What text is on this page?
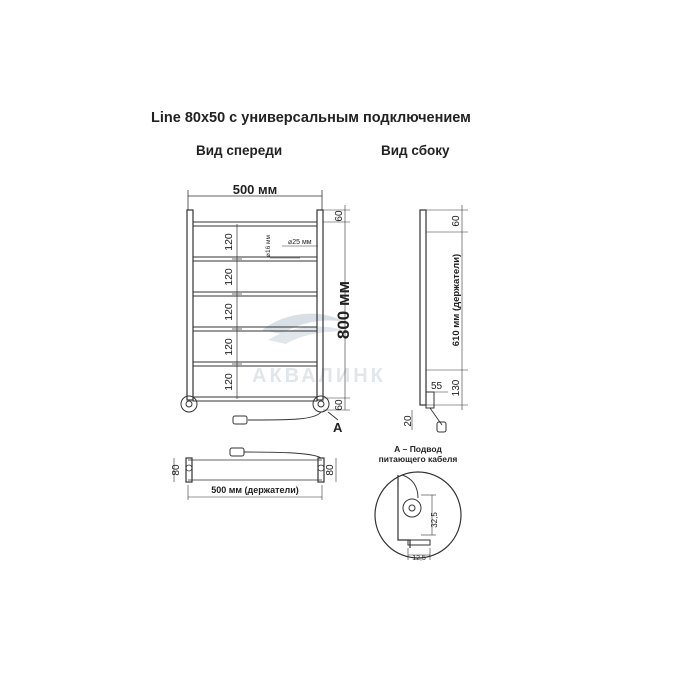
Line 80x50 с универсальным подключением
Вид спереди	Вид сбоку
АКВАЛИНК
500 мм
120
120
120
120
120
⌀16 мм ⌀25 мм
60
60
800 мм
A
60
610 мм (держатели)
130
55
20
80	80
500 мм (держатели)
А – Подвод
питающего кабеля
32,5
12,5
